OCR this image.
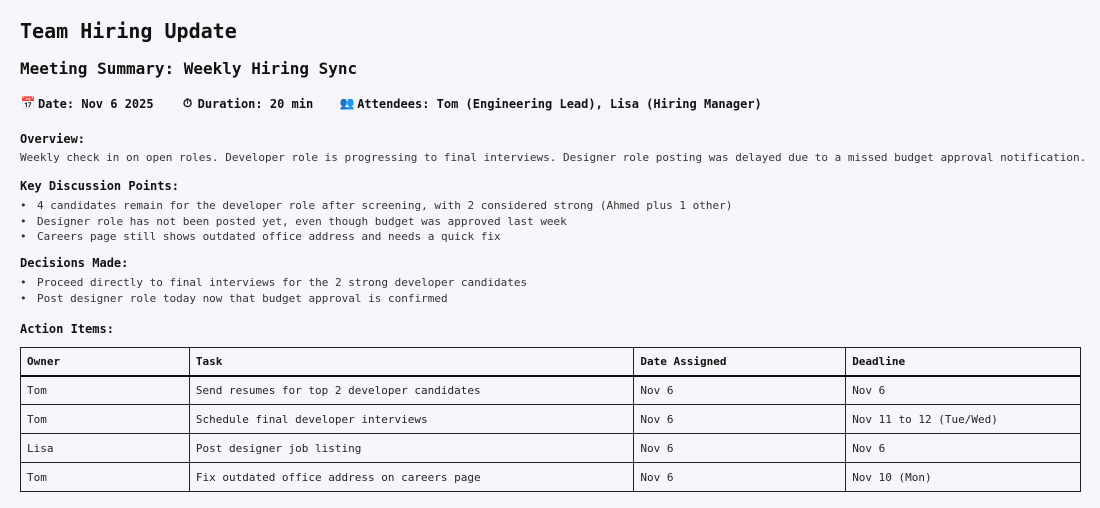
Team Hiring Update
Meeting Summary: Weekly Hiring Sync
📅 Date: Nov 6 2025 ⏱ Duration: 20 min 👥 Attendees: Tom (Engineering Lead), Lisa (Hiring Manager)
Overview:

Weekly check in on open roles. Developer role is progressing to final interviews. Designer role posting was delayed due to a missed budget approval notification.

Key Discussion Points:
• 4 candidates remain for the developer role after screening, with 2 considered strong (Ahmed plus 1 other)
• Designer role has not been posted yet, even though budget was approved last week
• Careers page still shows outdated office address and needs a quick fix
Decisions Made:
• Proceed directly to final interviews for the 2 strong developer candidates
• Post designer role today now that budget approval is confirmed
Action Items:
Owner	Task	Date Assigned	Deadline
Tom	Send resumes for top 2 developer candidates	Nov 6	Nov 6
Tom	Schedule final developer interviews	Nov 6	Nov 11 to 12 (Tue/Wed)
Lisa	Post designer job listing	Nov 6	Nov 6
Tom	Fix outdated office address on careers page	Nov 6	Nov 10 (Mon)
